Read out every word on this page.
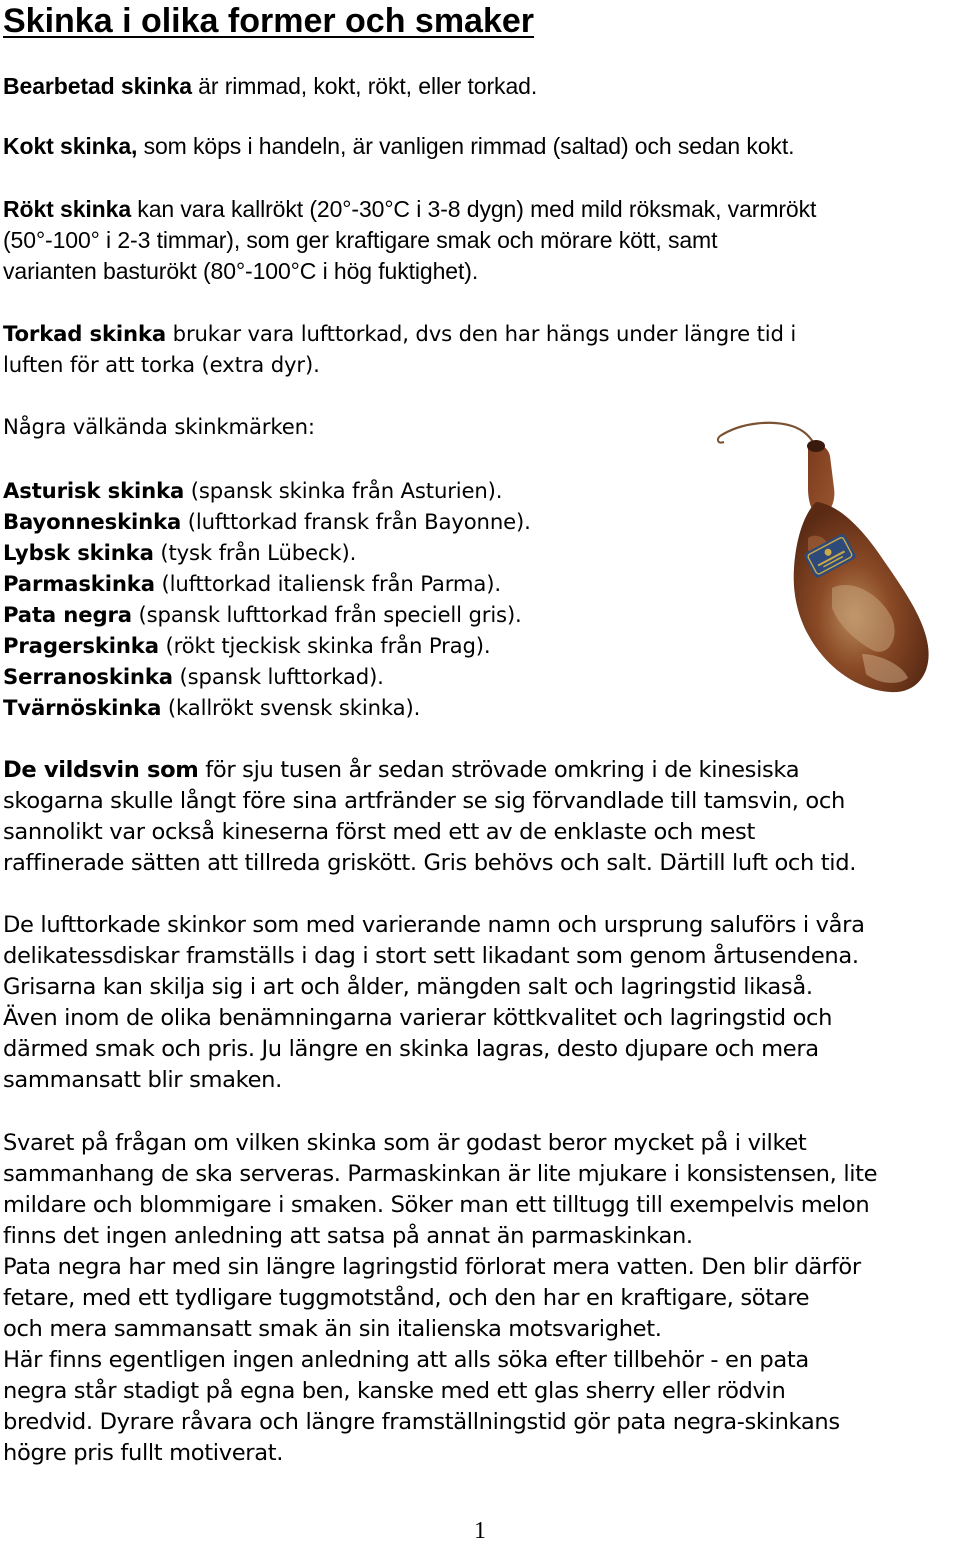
Skinka i olika former och smaker

Bearbetad skinka är rimmad, kokt, rökt, eller torkad.

Kokt skinka, som köps i handeln, är vanligen rimmad (saltad) och sedan kokt.

Rökt skinka kan vara kallrökt (20°-30°C i 3-8 dygn) med mild röksmak, varmrökt
(50°-100° i 2-3 timmar), som ger kraftigare smak och mörare kött, samt
varianten basturökt (80°-100°C i hög fuktighet).

Torkad skinka brukar vara lufttorkad, dvs den har hängs under längre tid i
luften för att torka (extra dyr).

Några välkända skinkmärken:

Asturisk skinka (spansk skinka från Asturien).
Bayonneskinka (lufttorkad fransk från Bayonne).
Lybsk skinka (tysk från Lübeck).
Parmaskinka (lufttorkad italiensk från Parma).
Pata negra (spansk lufttorkad från speciell gris).
Pragerskinka (rökt tjeckisk skinka från Prag).
Serranoskinka (spansk lufttorkad).
Tvärnöskinka (kallrökt svensk skinka).

De vildsvin som för sju tusen år sedan strövade omkring i de kinesiska
skogarna skulle långt före sina artfränder se sig förvandlade till tamsvin, och
sannolikt var också kineserna först med ett av de enklaste och mest
raffinerade sätten att tillreda griskött. Gris behövs och salt. Därtill luft och tid.

De lufttorkade skinkor som med varierande namn och ursprung saluförs i våra
delikatessdiskar framställs i dag i stort sett likadant som genom årtusendena.
Grisarna kan skilja sig i art och ålder, mängden salt och lagringstid likaså.
Även inom de olika benämningarna varierar köttkvalitet och lagringstid och
därmed smak och pris. Ju längre en skinka lagras, desto djupare och mera
sammansatt blir smaken.

Svaret på frågan om vilken skinka som är godast beror mycket på i vilket
sammanhang de ska serveras. Parmaskinkan är lite mjukare i konsistensen, lite
mildare och blommigare i smaken. Söker man ett tilltugg till exempelvis melon
finns det ingen anledning att satsa på annat än parmaskinkan.
Pata negra har med sin längre lagringstid förlorat mera vatten. Den blir därför
fetare, med ett tydligare tuggmotstånd, och den har en kraftigare, sötare
och mera sammansatt smak än sin italienska motsvarighet.
Här finns egentligen ingen anledning att alls söka efter tillbehör - en pata
negra står stadigt på egna ben, kanske med ett glas sherry eller rödvin
bredvid. Dyrare råvara och längre framställningstid gör pata negra-skinkans
högre pris fullt motiverat.

1
